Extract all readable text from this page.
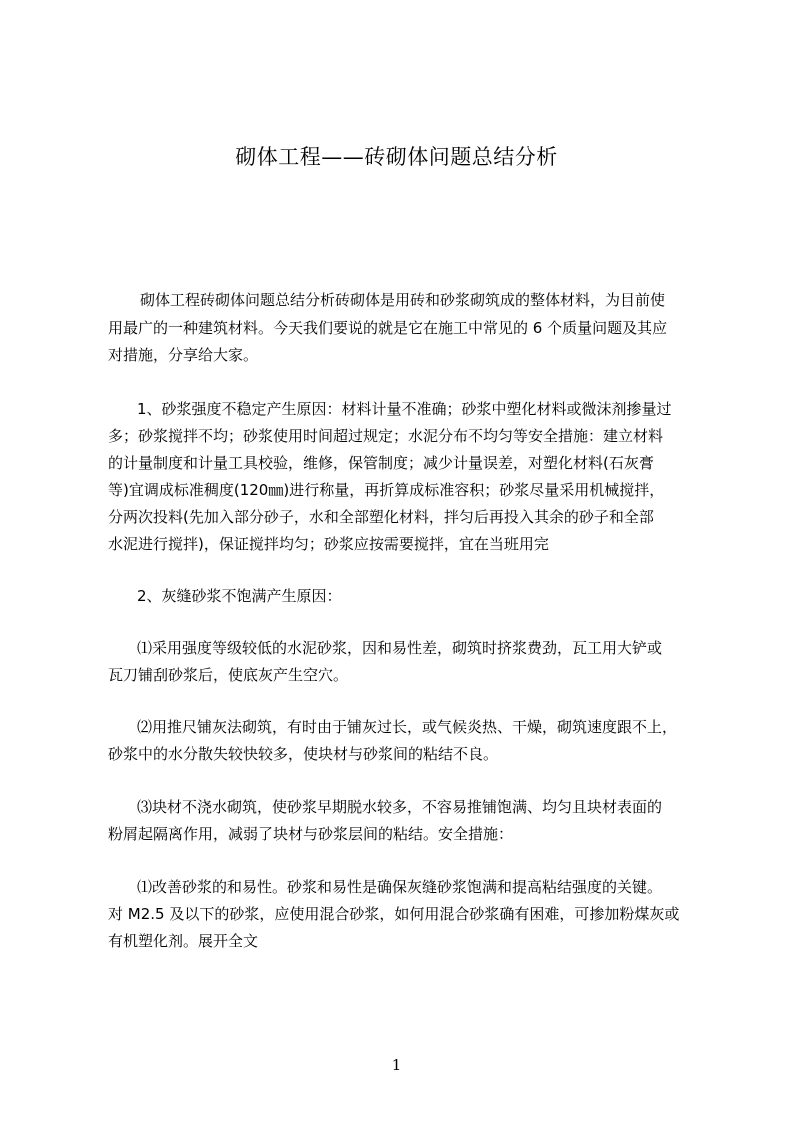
砌体工程——砖砌体问题总结分析
砌体工程砖砌体问题总结分析砖砌体是用砖和砂浆砌筑成的整体材料，为目前使
用最广的一种建筑材料。今天我们要说的就是它在施工中常见的 6 个质量问题及其应
对措施，分享给大家。
1、砂浆强度不稳定产生原因：材料计量不准确；砂浆中塑化材料或微沫剂掺量过
多；砂浆搅拌不均；砂浆使用时间超过规定；水泥分布不均匀等安全措施：建立材料
的计量制度和计量工具校验，维修，保管制度；减少计量误差，对塑化材料(石灰膏
等)宜调成标准稠度(120㎜)进行称量，再折算成标准容积；砂浆尽量采用机械搅拌，
分两次投料(先加入部分砂子，水和全部塑化材料，拌匀后再投入其余的砂子和全部
水泥进行搅拌)，保证搅拌均匀；砂浆应按需要搅拌，宜在当班用完
2、灰缝砂浆不饱满产生原因：
⑴采用强度等级较低的水泥砂浆，因和易性差，砌筑时挤浆费劲，瓦工用大铲或
瓦刀铺刮砂浆后，使底灰产生空穴。
⑵用推尺铺灰法砌筑，有时由于铺灰过长，或气候炎热、干燥，砌筑速度跟不上，
砂浆中的水分散失较快较多，使块材与砂浆间的粘结不良。
⑶块材不浇水砌筑，使砂浆早期脱水较多，不容易推铺饱满、均匀且块材表面的
粉屑起隔离作用，减弱了块材与砂浆层间的粘结。安全措施：
⑴改善砂浆的和易性。砂浆和易性是确保灰缝砂浆饱满和提高粘结强度的关键。
对 M2.5 及以下的砂浆，应使用混合砂浆，如何用混合砂浆确有困难，可掺加粉煤灰或
有机塑化剂。展开全文
1
